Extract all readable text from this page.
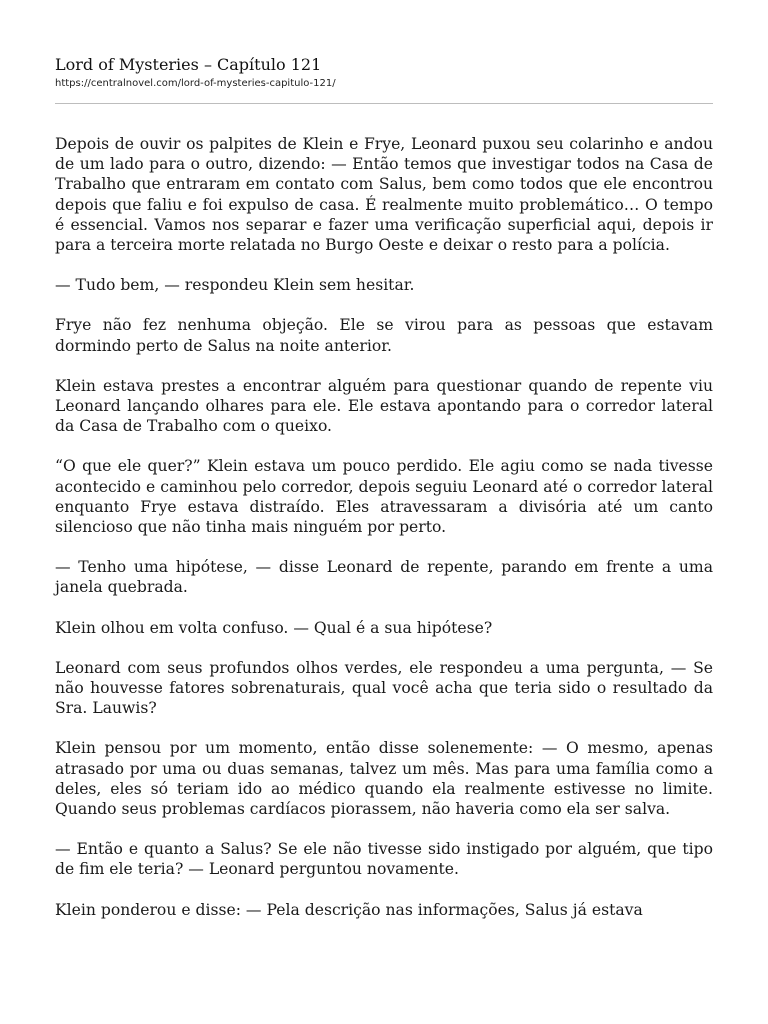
Lord of Mysteries – Capítulo 121
https://centralnovel.com/lord-of-mysteries-capitulo-121/

Depois de ouvir os palpites de Klein e Frye, Leonard puxou seu colarinho e andou de um lado para o outro, dizendo: — Então temos que investigar todos na Casa de Trabalho que entraram em contato com Salus, bem como todos que ele encontrou depois que faliu e foi expulso de casa. É realmente muito problemático… O tempo é essencial. Vamos nos separar e fazer uma verificação superficial aqui, depois ir para a terceira morte relatada no Burgo Oeste e deixar o resto para a polícia.

— Tudo bem, — respondeu Klein sem hesitar.

Frye não fez nenhuma objeção. Ele se virou para as pessoas que estavam dormindo perto de Salus na noite anterior.

Klein estava prestes a encontrar alguém para questionar quando de repente viu Leonard lançando olhares para ele. Ele estava apontando para o corredor lateral da Casa de Trabalho com o queixo.

“O que ele quer?” Klein estava um pouco perdido. Ele agiu como se nada tivesse acontecido e caminhou pelo corredor, depois seguiu Leonard até o corredor lateral enquanto Frye estava distraído. Eles atravessaram a divisória até um canto silencioso que não tinha mais ninguém por perto.

— Tenho uma hipótese, — disse Leonard de repente, parando em frente a uma janela quebrada.

Klein olhou em volta confuso. — Qual é a sua hipótese?

Leonard com seus profundos olhos verdes, ele respondeu a uma pergunta, — Se não houvesse fatores sobrenaturais, qual você acha que teria sido o resultado da Sra. Lauwis?

Klein pensou por um momento, então disse solenemente: — O mesmo, apenas atrasado por uma ou duas semanas, talvez um mês. Mas para uma família como a deles, eles só teriam ido ao médico quando ela realmente estivesse no limite. Quando seus problemas cardíacos piorassem, não haveria como ela ser salva.

— Então e quanto a Salus? Se ele não tivesse sido instigado por alguém, que tipo de fim ele teria? — Leonard perguntou novamente.

Klein ponderou e disse: — Pela descrição nas informações, Salus já estava
